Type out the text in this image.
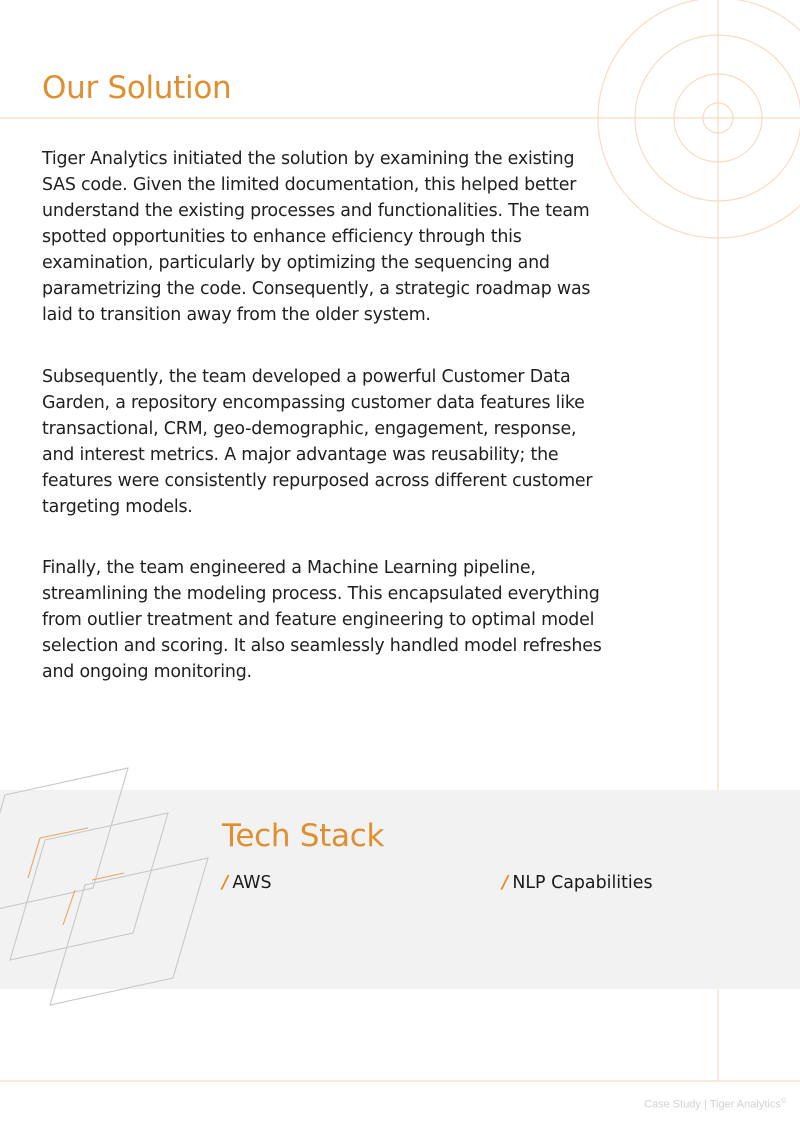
Our Solution

Tiger Analytics initiated the solution by examining the existing SAS code. Given the limited documentation, this helped better understand the existing processes and functionalities. The team spotted opportunities to enhance efficiency through this examination, particularly by optimizing the sequencing and parametrizing the code. Consequently, a strategic roadmap was laid to transition away from the older system.

Subsequently, the team developed a powerful Customer Data Garden, a repository encompassing customer data features like transactional, CRM, geo-demographic, engagement, response, and interest metrics. A major advantage was reusability; the features were consistently repurposed across different customer targeting models.

Finally, the team engineered a Machine Learning pipeline, streamlining the modeling process. This encapsulated everything from outlier treatment and feature engineering to optimal model selection and scoring. It also seamlessly handled model refreshes and ongoing monitoring.

Tech Stack
/ AWS	/ NLP Capabilities
Case Study | Tiger Analytics©
